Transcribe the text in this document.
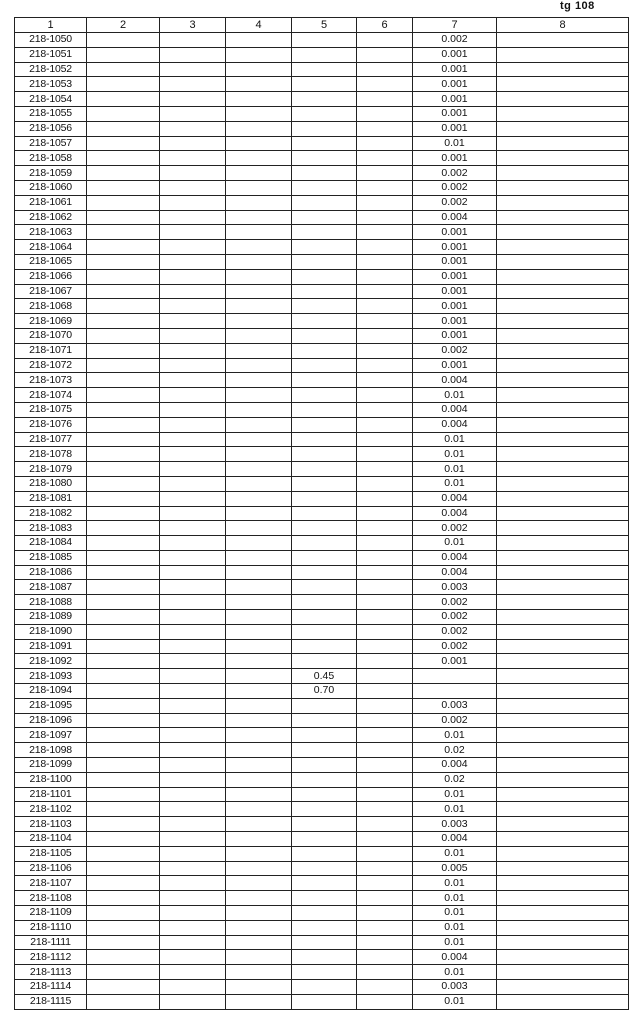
tg 108
1	2	3	4	5	6	7	8
218-1050						0.002	
218-1051						0.001	
218-1052						0.001	
218-1053						0.001	
218-1054						0.001	
218-1055						0.001	
218-1056						0.001	
218-1057						0.01	
218-1058						0.001	
218-1059						0.002	
218-1060						0.002	
218-1061						0.002	
218-1062						0.004	
218-1063						0.001	
218-1064						0.001	
218-1065						0.001	
218-1066						0.001	
218-1067						0.001	
218-1068						0.001	
218-1069						0.001	
218-1070						0.001	
218-1071						0.002	
218-1072						0.001	
218-1073						0.004	
218-1074						0.01	
218-1075						0.004	
218-1076						0.004	
218-1077						0.01	
218-1078						0.01	
218-1079						0.01	
218-1080						0.01	
218-1081						0.004	
218-1082						0.004	
218-1083						0.002	
218-1084						0.01	
218-1085						0.004	
218-1086						0.004	
218-1087						0.003	
218-1088						0.002	
218-1089						0.002	
218-1090						0.002	
218-1091						0.002	
218-1092						0.001	
218-1093				0.45			
218-1094				0.70			
218-1095						0.003	
218-1096						0.002	
218-1097						0.01	
218-1098						0.02	
218-1099						0.004	
218-1100						0.02	
218-1101						0.01	
218-1102						0.01	
218-1103						0.003	
218-1104						0.004	
218-1105						0.01	
218-1106						0.005	
218-1107						0.01	
218-1108						0.01	
218-1109						0.01	
218-1110						0.01	
218-1111						0.01	
218-1112						0.004	
218-1113						0.01	
218-1114						0.003	
218-1115						0.01	
